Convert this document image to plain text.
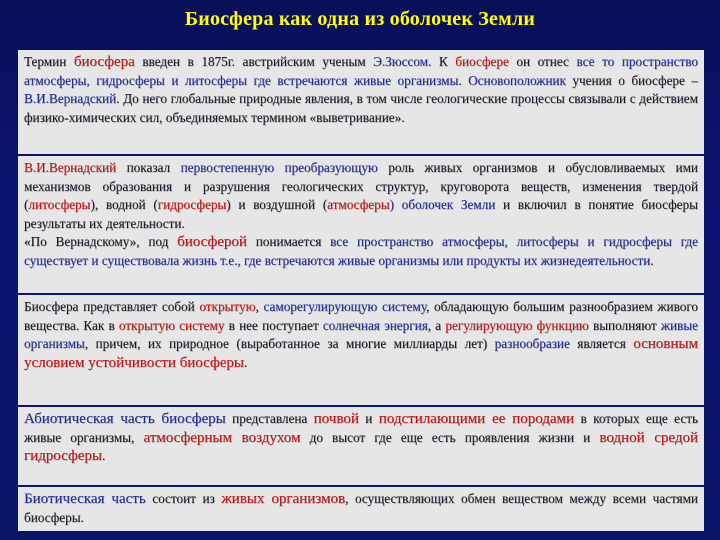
Биосфера как одна из оболочек Земли
Термин биосфера введен в 1875г. австрийским ученым Э.Зюссом. К биосфере он отнес все то пространство атмосферы, гидросферы и литосферы где встречаются живые организмы. Основоположник учения о биосфере – В.И.Вернадский. До него глобальные природные явления, в том числе геологические процессы связывали с действием физико-химических сил, объединяемых термином «выветривание».
В.И.Вернадский показал первостепенную преобразующую роль живых организмов и обусловливаемых ими механизмов образования и разрушения геологических структур, круговорота веществ, изменения твердой (литосферы), водной (гидросферы) и воздушной (атмосферы) оболочек Земли и включил в понятие биосферы результаты их деятельности.
«По Вернадскому», под биосферой понимается все пространство атмосферы, литосферы и гидросферы где существует и существовала жизнь т.е., где встречаются живые организмы или продукты их жизнедеятельности.
Биосфера представляет собой открытую, саморегулирующую систему, обладающую большим разнообразием живого вещества. Как в открытую систему в нее поступает солнечная энергия, а регулирующую функцию выполняют живые организмы, причем, их природное (выработанное за многие миллиарды лет) разнообразие является основным условием устойчивости биосферы.
Абиотическая часть биосферы представлена почвой и подстилающими ее породами в которых еще есть живые организмы, атмосферным воздухом до высот где еще есть проявления жизни и водной средой гидросферы.
Биотическая часть состоит из живых организмов, осуществляющих обмен веществом между всеми частями биосферы.
